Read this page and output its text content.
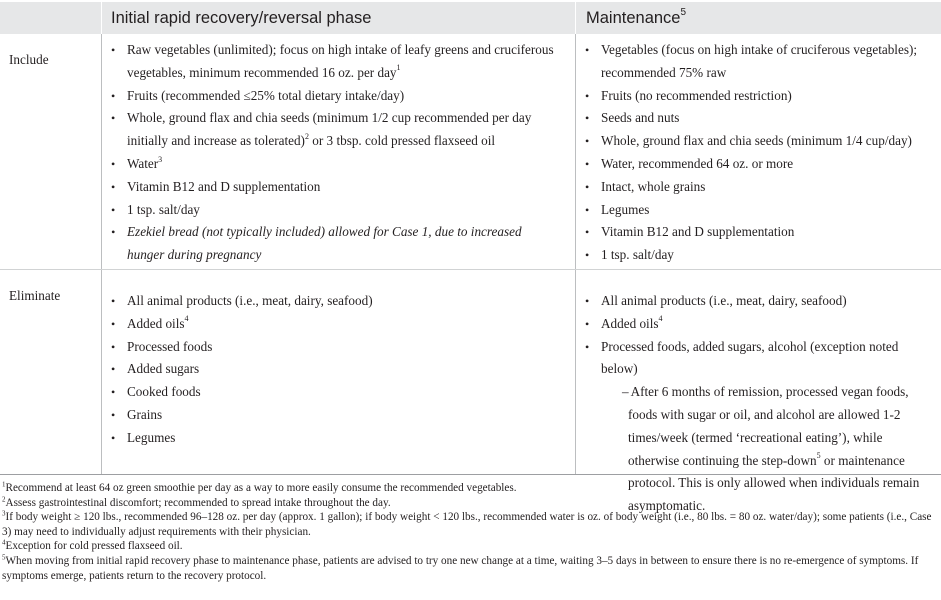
Initial rapid recovery/reversal phase	Maintenance$^5$
Include
• Raw vegetables (unlimited); focus on high intake of leafy greens and cruciferous vegetables, minimum recommended 16 oz. per day$^1$
• Fruits (recommended ≤25% total dietary intake/day)
• Whole, ground flax and chia seeds (minimum 1/2 cup recommended per day initially and increase as tolerated)$^2$ or 3 tbsp. cold pressed flaxseed oil
• Water$^3$
• Vitamin B12 and D supplementation
• 1 tsp. salt/day
• Ezekiel bread (not typically included) allowed for Case 1, due to increased hunger during pregnancy
• Vegetables (focus on high intake of cruciferous vegetables); recommended 75% raw
• Fruits (no recommended restriction)
• Seeds and nuts
• Whole, ground flax and chia seeds (minimum 1/4 cup/day)
• Water, recommended 64 oz. or more
• Intact, whole grains
• Legumes
• Vitamin B12 and D supplementation
• 1 tsp. salt/day
Eliminate
•	All animal products (i.e., meat, dairy, seafood)
• Added oils$^4$
• Processed foods
• Added sugars
• Cooked foods
• Grains
• Legumes
• All animal products (i.e., meat, dairy, seafood)
• Added oils$^4$
• Processed foods, added sugars, alcohol (exception noted below)
– After 6 months of remission, processed vegan foods, foods with sugar or oil, and alcohol are allowed 1-2 times/week (termed ‘recreational eating’), while otherwise continuing the step-down$^5$ or maintenance protocol. This is only allowed when individuals remain asymptomatic.

$^1$Recommend at least 64 oz green smoothie per day as a way to more easily consume the recommended vegetables.

$^2$Assess gastrointestinal discomfort; recommended to spread intake throughout the day.

$^3$If body weight ≥ 120 lbs., recommended 96–128 oz. per day (approx. 1 gallon); if body weight < 120 lbs., recommended water is oz. of body weight (i.e., 80 lbs. = 80 oz. water/day); some patients (i.e., Case 3) may need to individually adjust requirements with their physician.

$^4$Exception for cold pressed flaxseed oil.

$^5$When moving from initial rapid recovery phase to maintenance phase, patients are advised to try one new change at a time, waiting 3–5 days in between to ensure there is no re-emergence of symptoms. If symptoms emerge, patients return to the recovery protocol.
